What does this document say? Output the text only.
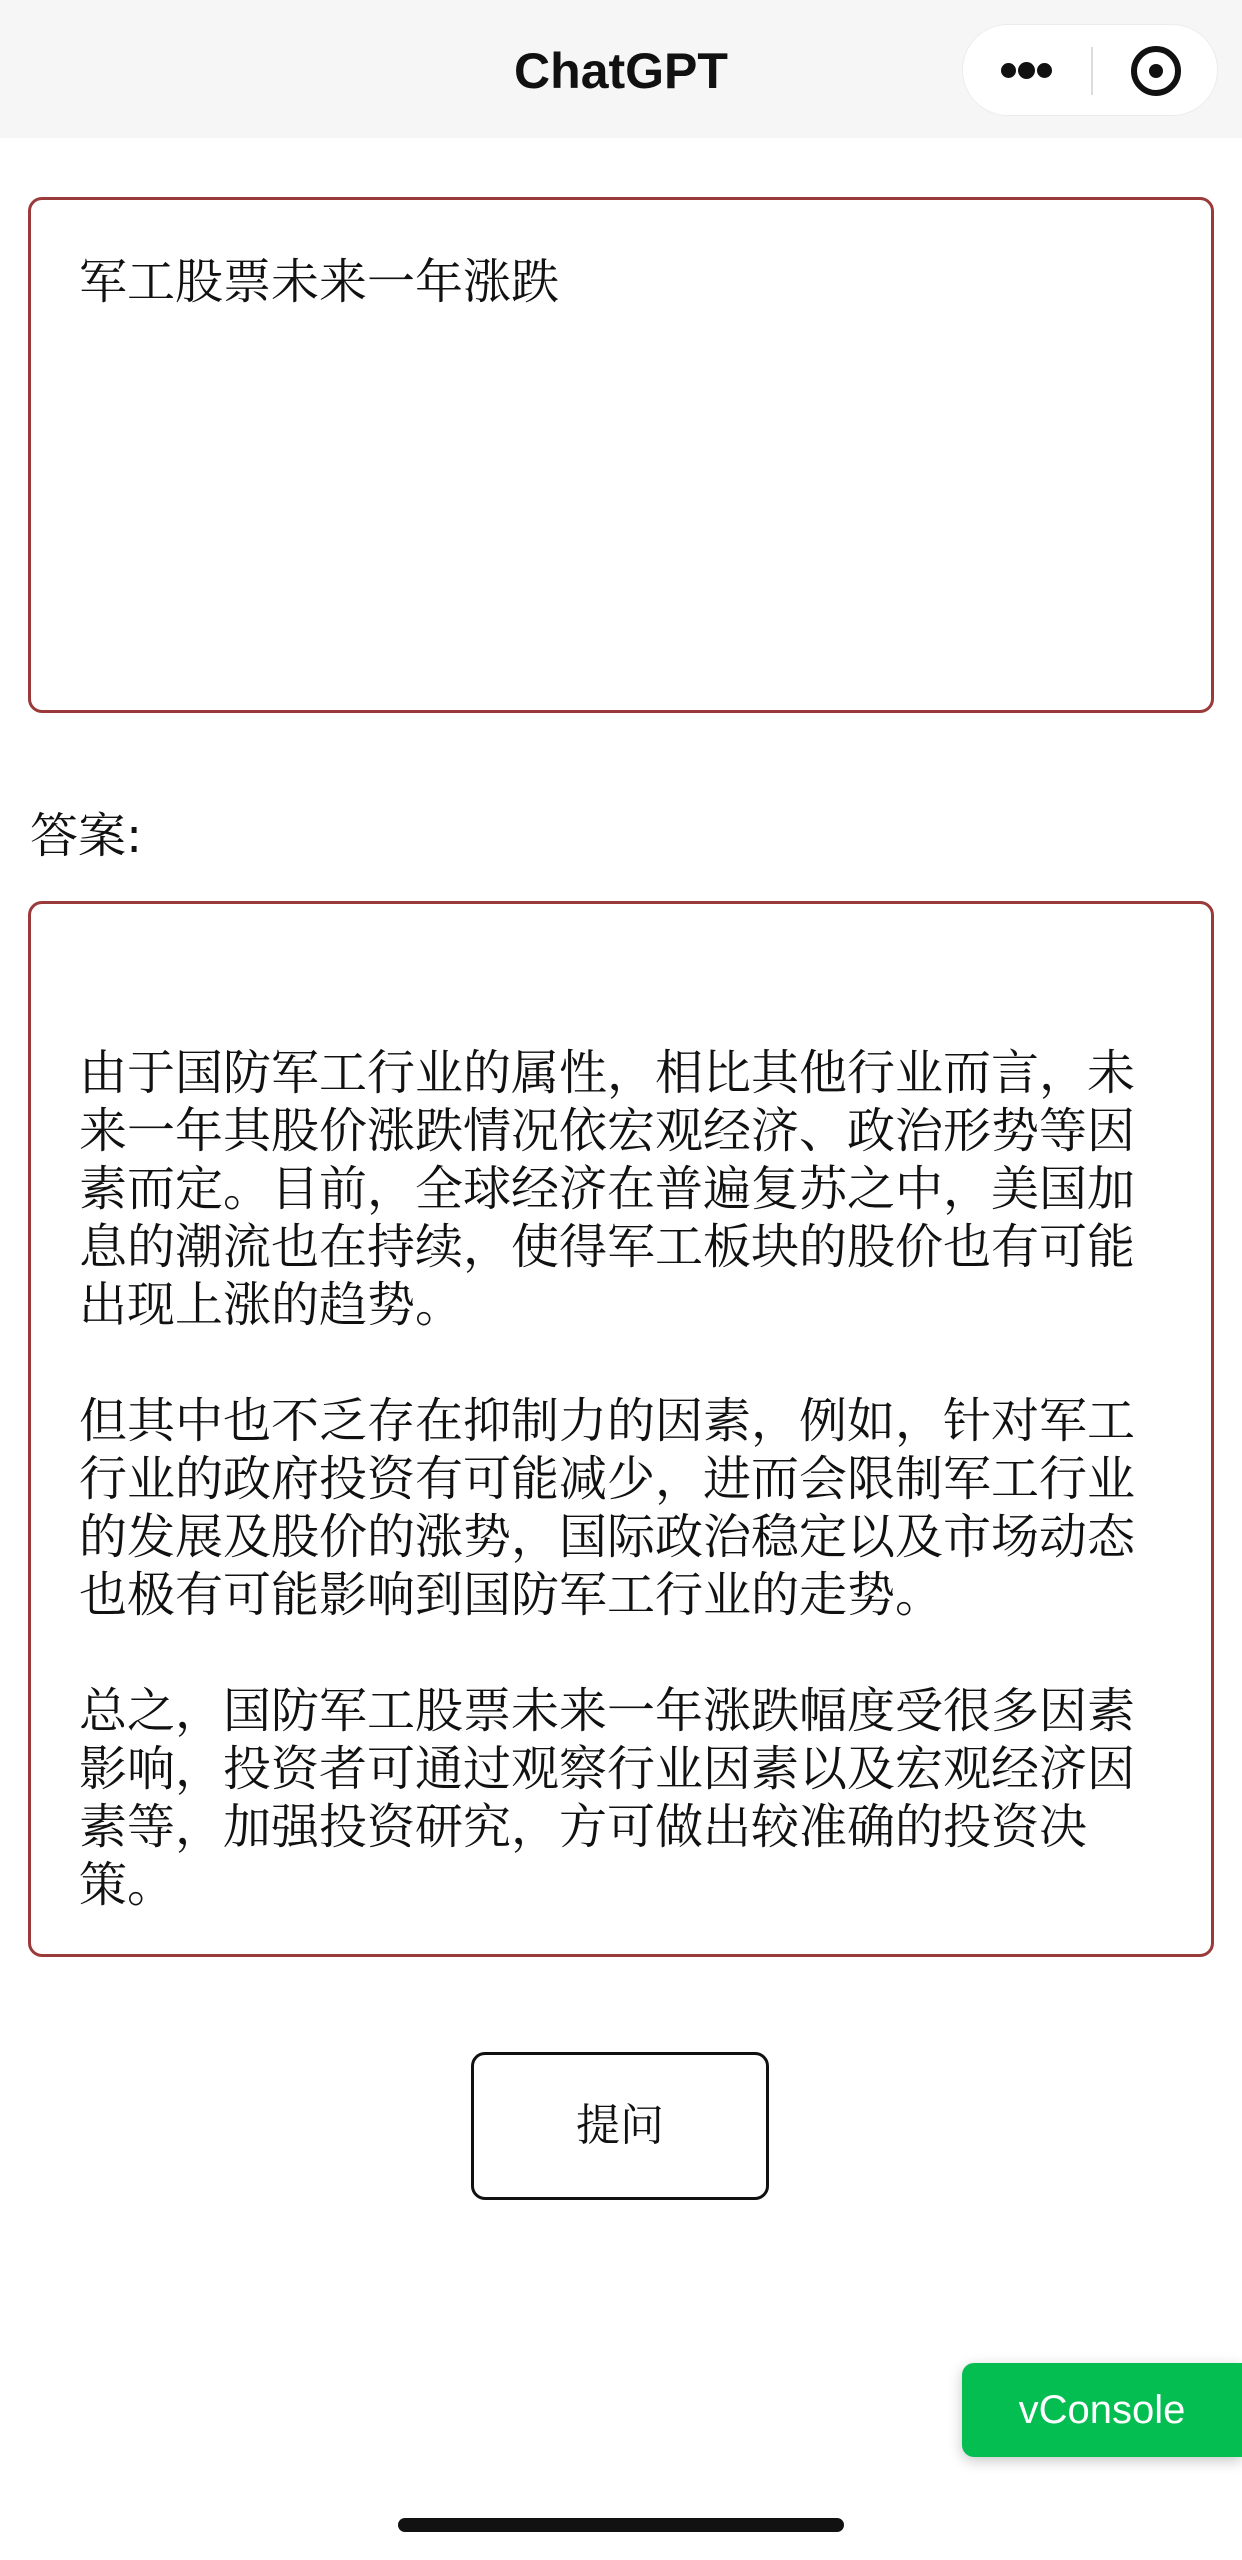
ChatGPT
军工股票未来一年涨跌
答案:

由于国防军工行业的属性，相比其他行业而言，未来一年其股价涨跌情况依宏观经济、政治形势等因素而定。目前，全球经济在普遍复苏之中，美国加息的潮流也在持续，使得军工板块的股价也有可能出现上涨的趋势。

但其中也不乏存在抑制力的因素，例如，针对军工行业的政府投资有可能减少，进而会限制军工行业的发展及股价的涨势，国际政治稳定以及市场动态也极有可能影响到国防军工行业的走势。

总之，国防军工股票未来一年涨跌幅度受很多因素影响，投资者可通过观察行业因素以及宏观经济因素等，加强投资研究，方可做出较准确的投资决策。

提问
vConsole
